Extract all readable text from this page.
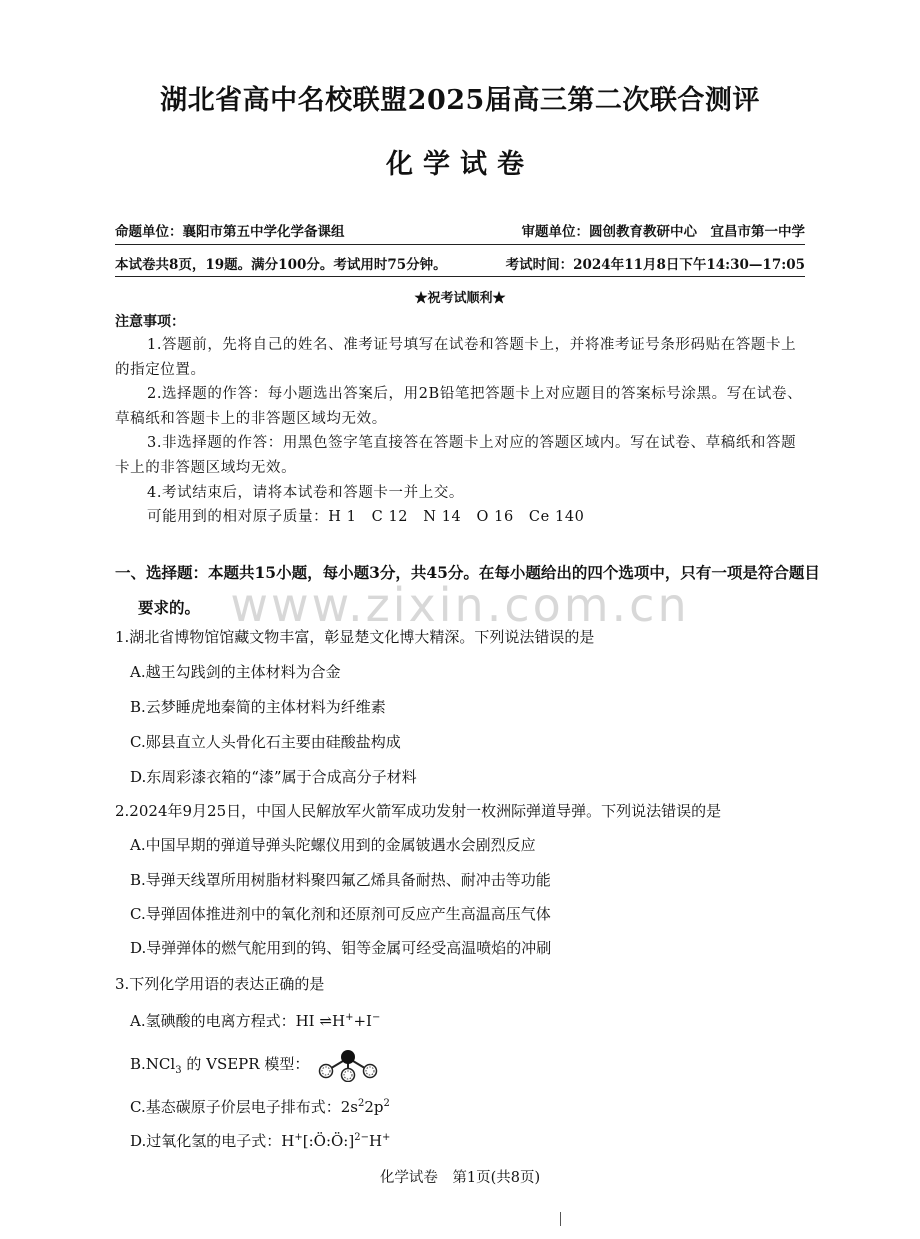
湖北省高中名校联盟2025届高三第二次联合测评
化学试卷
命题单位：襄阳市第五中学化学备课组	审题单位：圆创教育教研中心　宜昌市第一中学
本试卷共8页，19题。满分100分。考试用时75分钟。	考试时间：2024年11月8日下午14:30—17:05
★祝考试顺利★
注意事项：
1.答题前，先将自己的姓名、准考证号填写在试卷和答题卡上，并将准考证号条形码贴在答题卡上的指定位置。
2.选择题的作答：每小题选出答案后，用2B铅笔把答题卡上对应题目的答案标号涂黑。写在试卷、草稿纸和答题卡上的非答题区域均无效。
3.非选择题的作答：用黑色签字笔直接答在答题卡上对应的答题区域内。写在试卷、草稿纸和答题卡上的非答题区域均无效。
4.考试结束后，请将本试卷和答题卡一并上交。
可能用到的相对原子质量：H 1　C 12　N 14　O 16　Ce 140
一、选择题：本题共15小题，每小题3分，共45分。在每小题给出的四个选项中，只有一项是符合题目要求的。 www.zixin.com.cn
1.湖北省博物馆馆藏文物丰富，彰显楚文化博大精深。下列说法错误的是
A.越王勾践剑的主体材料为合金
B.云梦睡虎地秦简的主体材料为纤维素
C.郧县直立人头骨化石主要由硅酸盐构成
D.东周彩漆衣箱的“漆”属于合成高分子材料
2.2024年9月25日，中国人民解放军火箭军成功发射一枚洲际弹道导弹。下列说法错误的是
A.中国早期的弹道导弹头陀螺仪用到的金属铍遇水会剧烈反应
B.导弹天线罩所用树脂材料聚四氟乙烯具备耐热、耐冲击等功能
C.导弹固体推进剂中的氧化剂和还原剂可反应产生高温高压气体
D.导弹弹体的燃气舵用到的钨、钼等金属可经受高温喷焰的冲刷
3.下列化学用语的表达正确的是
A.氢碘酸的电离方程式：HI ⇌H++I−
B.NCl$_3$ 的 VSEPR 模型：
C.基态碳原子价层电子排布式：$2s^22p^2$
D.过氧化氢的电子式：H+[:Ö:Ö:]$^{2-}$H+
化学试卷　第1页(共8页)
